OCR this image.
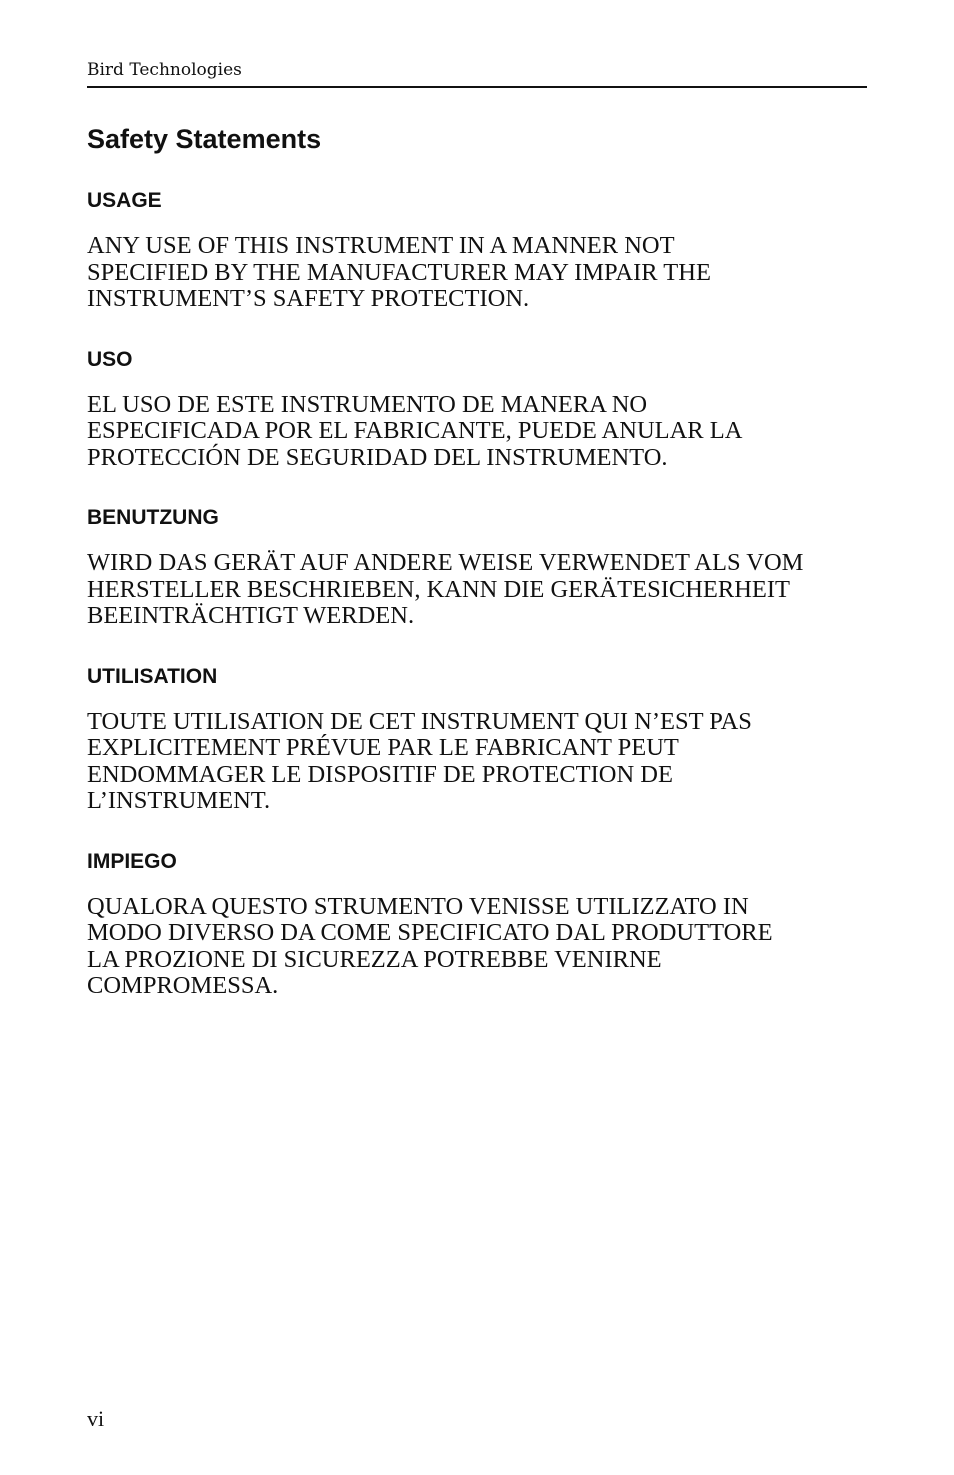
Bird Technologies
Safety Statements
USAGE

ANY USE OF THIS INSTRUMENT IN A MANNER NOT
SPECIFIED BY THE MANUFACTURER MAY IMPAIR THE
INSTRUMENT’S SAFETY PROTECTION.

USO

EL USO DE ESTE INSTRUMENTO DE MANERA NO
ESPECIFICADA POR EL FABRICANTE, PUEDE ANULAR LA
PROTECCIÓN DE SEGURIDAD DEL INSTRUMENTO.

BENUTZUNG

WIRD DAS GERÄT AUF ANDERE WEISE VERWENDET ALS VOM
HERSTELLER BESCHRIEBEN, KANN DIE GERÄTESICHERHEIT
BEEINTRÄCHTIGT WERDEN.

UTILISATION

TOUTE UTILISATION DE CET INSTRUMENT QUI N’EST PAS
EXPLICITEMENT PRÉVUE PAR LE FABRICANT PEUT
ENDOMMAGER LE DISPOSITIF DE PROTECTION DE
L’INSTRUMENT.

IMPIEGO

QUALORA QUESTO STRUMENTO VENISSE UTILIZZATO IN
MODO DIVERSO DA COME SPECIFICATO DAL PRODUTTORE
LA PROZIONE DI SICUREZZA POTREBBE VENIRNE
COMPROMESSA.

vi
